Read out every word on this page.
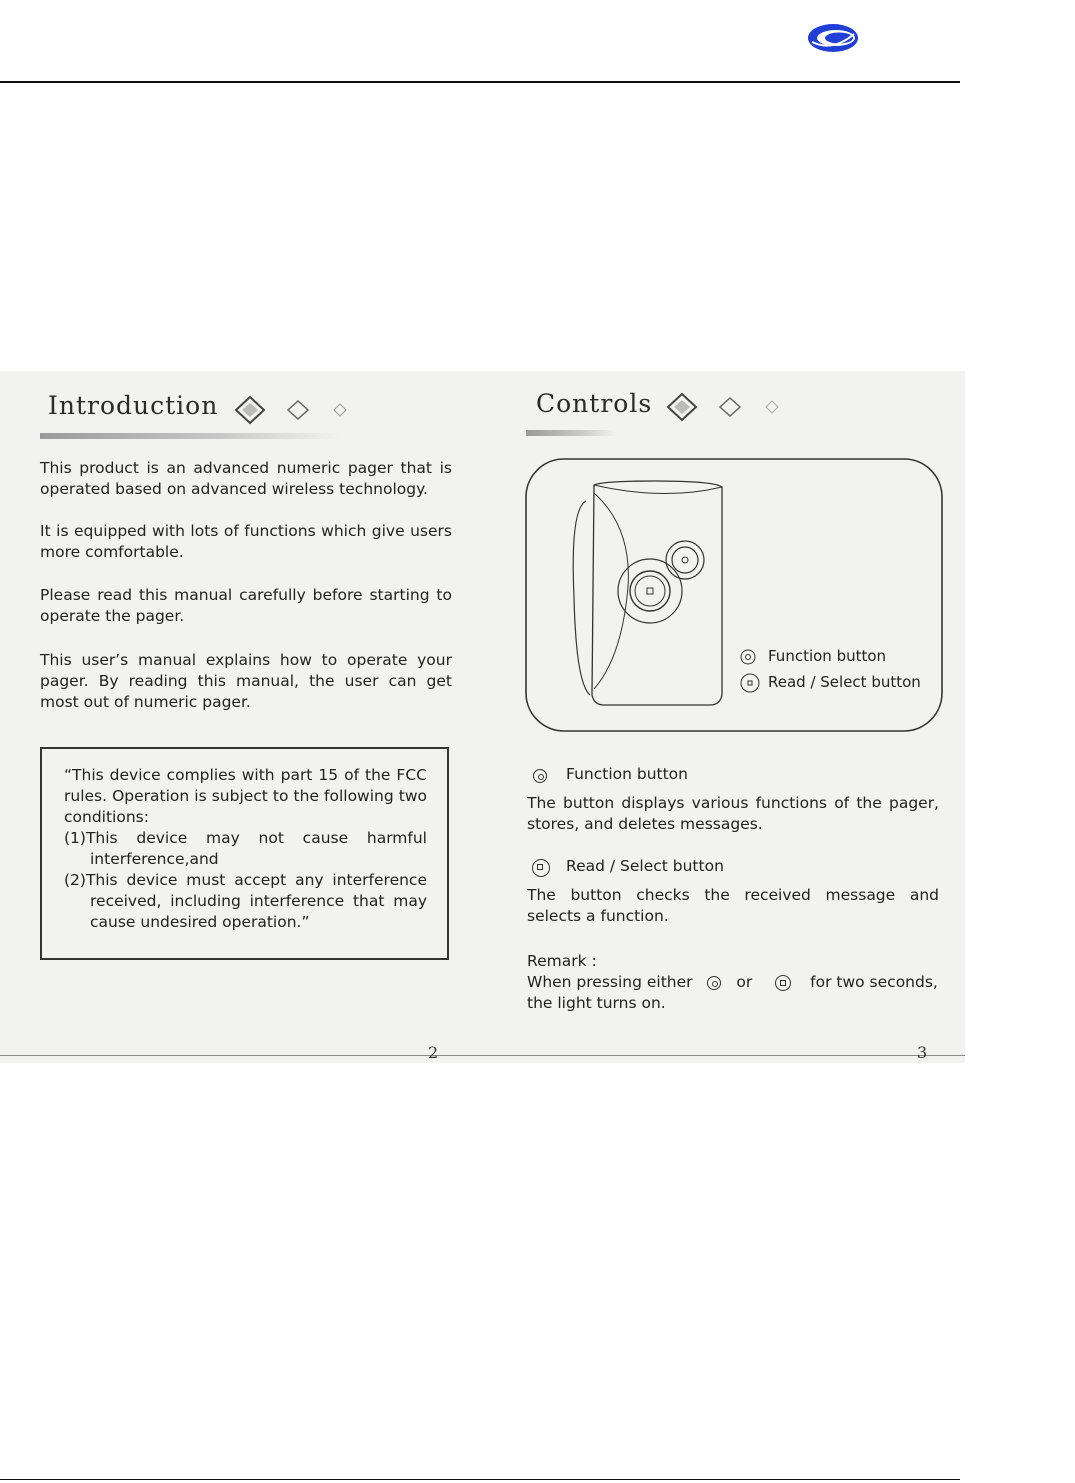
Introduction
This product is an advanced numeric pager that is operated based on advanced wireless technology.
It is equipped with lots of functions which give users more comfortable.
Please read this manual carefully before starting to operate the pager.
This user’s manual explains how to operate your pager. By reading this manual, the user can get most out of numeric pager.

“This device complies with part 15 of the FCC rules. Operation is subject to the following two conditions:

(1)This device may not cause harmful interference,and

(2)This device must accept any interference received, including interference that may cause undesired operation.”

2
Controls
Function button
Read / Select button
Function button
The button displays various functions of the pager, stores, and deletes messages.
Read / Select button
The button checks the received message and selects a function.
Remark :
When pressing either	or	for two seconds,
the light turns on.
3
